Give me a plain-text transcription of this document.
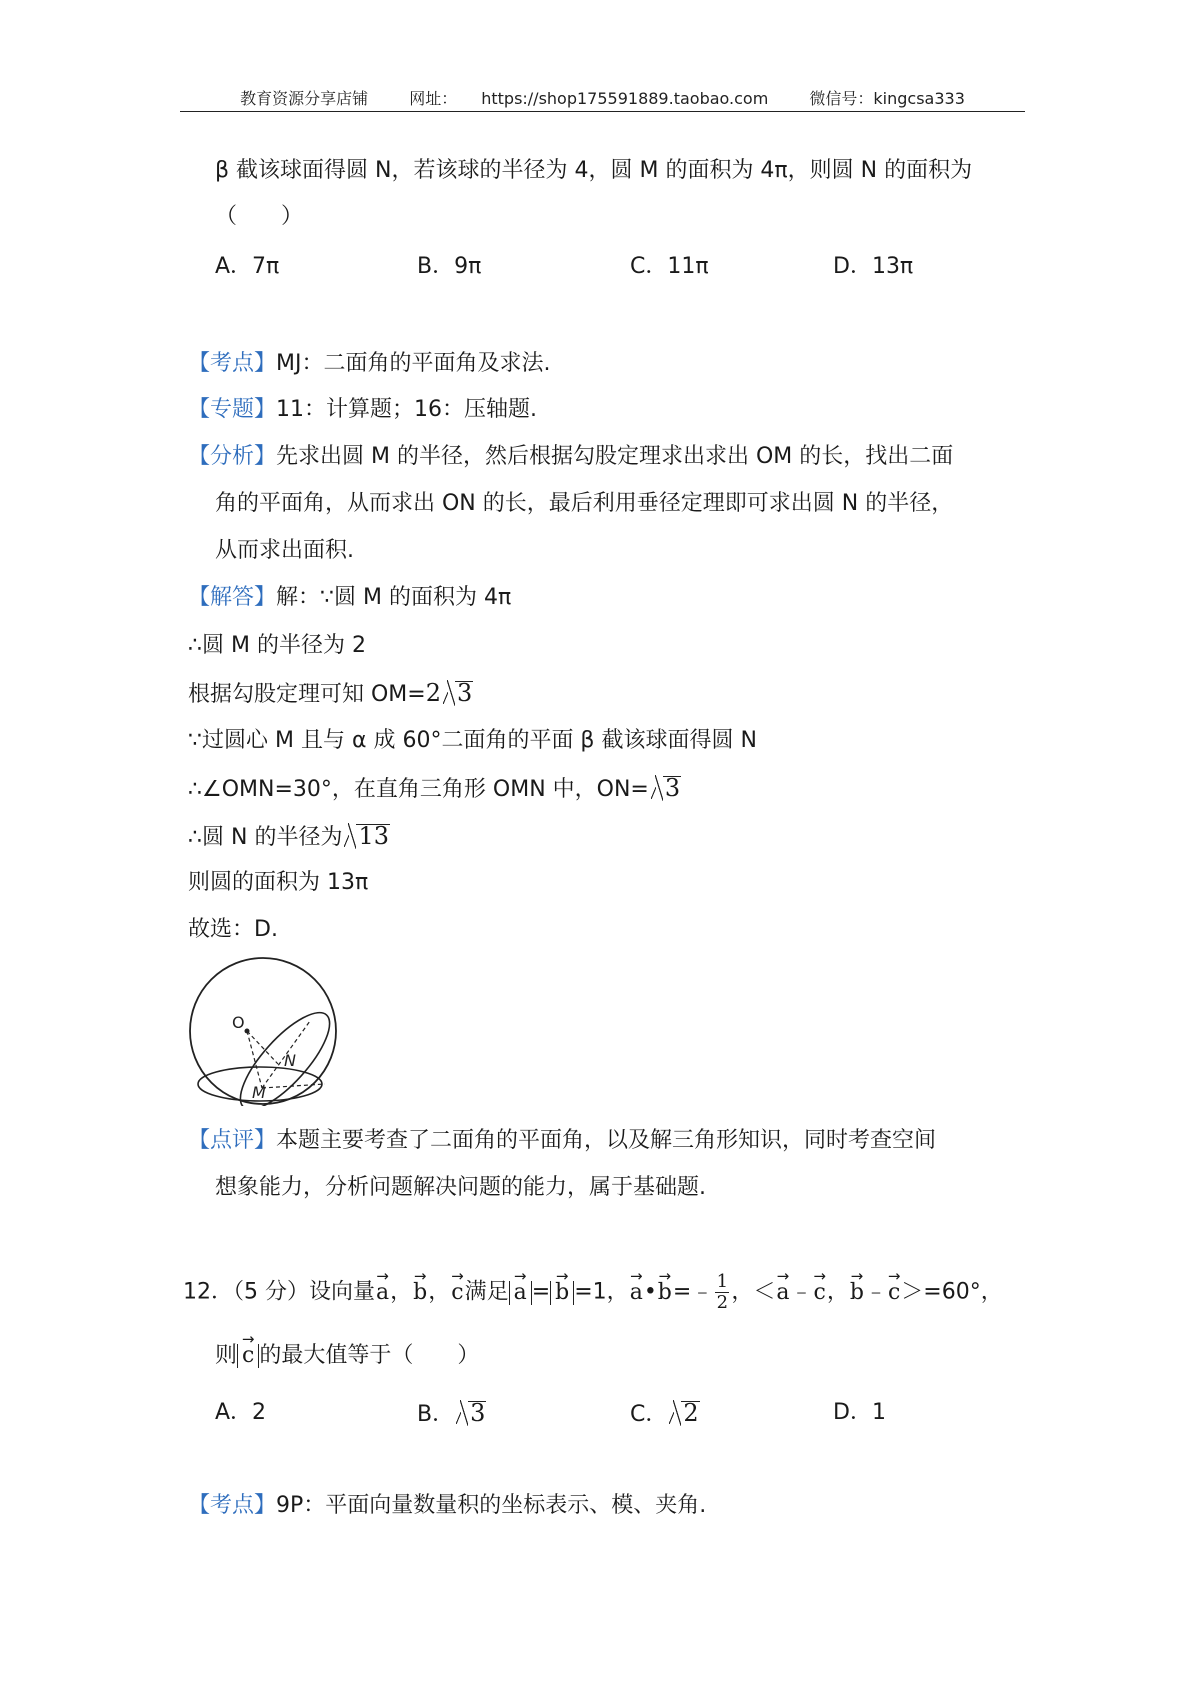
教育资源分享店铺	网址： https://shop175591889.taobao.com	微信号：kingcsa333
β 截该球面得圆 N，若该球的半径为 4，圆 M 的面积为 4π，则圆 N 的面积为
（　　）
A．7π	B．9π	C．11π	D．13π
【考点】MJ：二面角的平面角及求法.
【专题】11：计算题；16：压轴题.
【分析】先求出圆 M 的半径，然后根据勾股定理求出求出 OM 的长，找出二面
角的平面角，从而求出 ON 的长，最后利用垂径定理即可求出圆 N 的半径，
从而求出面积.
【解答】解：∵圆 M 的面积为 4π
∴圆 M 的半径为 2
根据勾股定理可知 OM=2 3
∵过圆心 M 且与 α 成 60°二面角的平面 β 截该球面得圆 N
∴∠OMN=30°，在直角三角形 OMN 中，ON= 3
∴圆 N 的半径为 13
则圆的面积为 13π
故选：D.
O
N
M
【点评】本题主要考查了二面角的平面角，以及解三角形知识，同时考查空间
想象能力，分析问题解决问题的能力，属于基础题.
12．（5 分）设向量→ a，→ b，→ c满足 → a = → b =1，→ a•→ b=﹣ $\frac{1}{2}$ ，＜→ a﹣→ c，→ b﹣→ c＞=60°，
则 → c 的最大值等于（　　）
A．2	B． 3	C． 2	D．1
【考点】9P：平面向量数量积的坐标表示、模、夹角.
